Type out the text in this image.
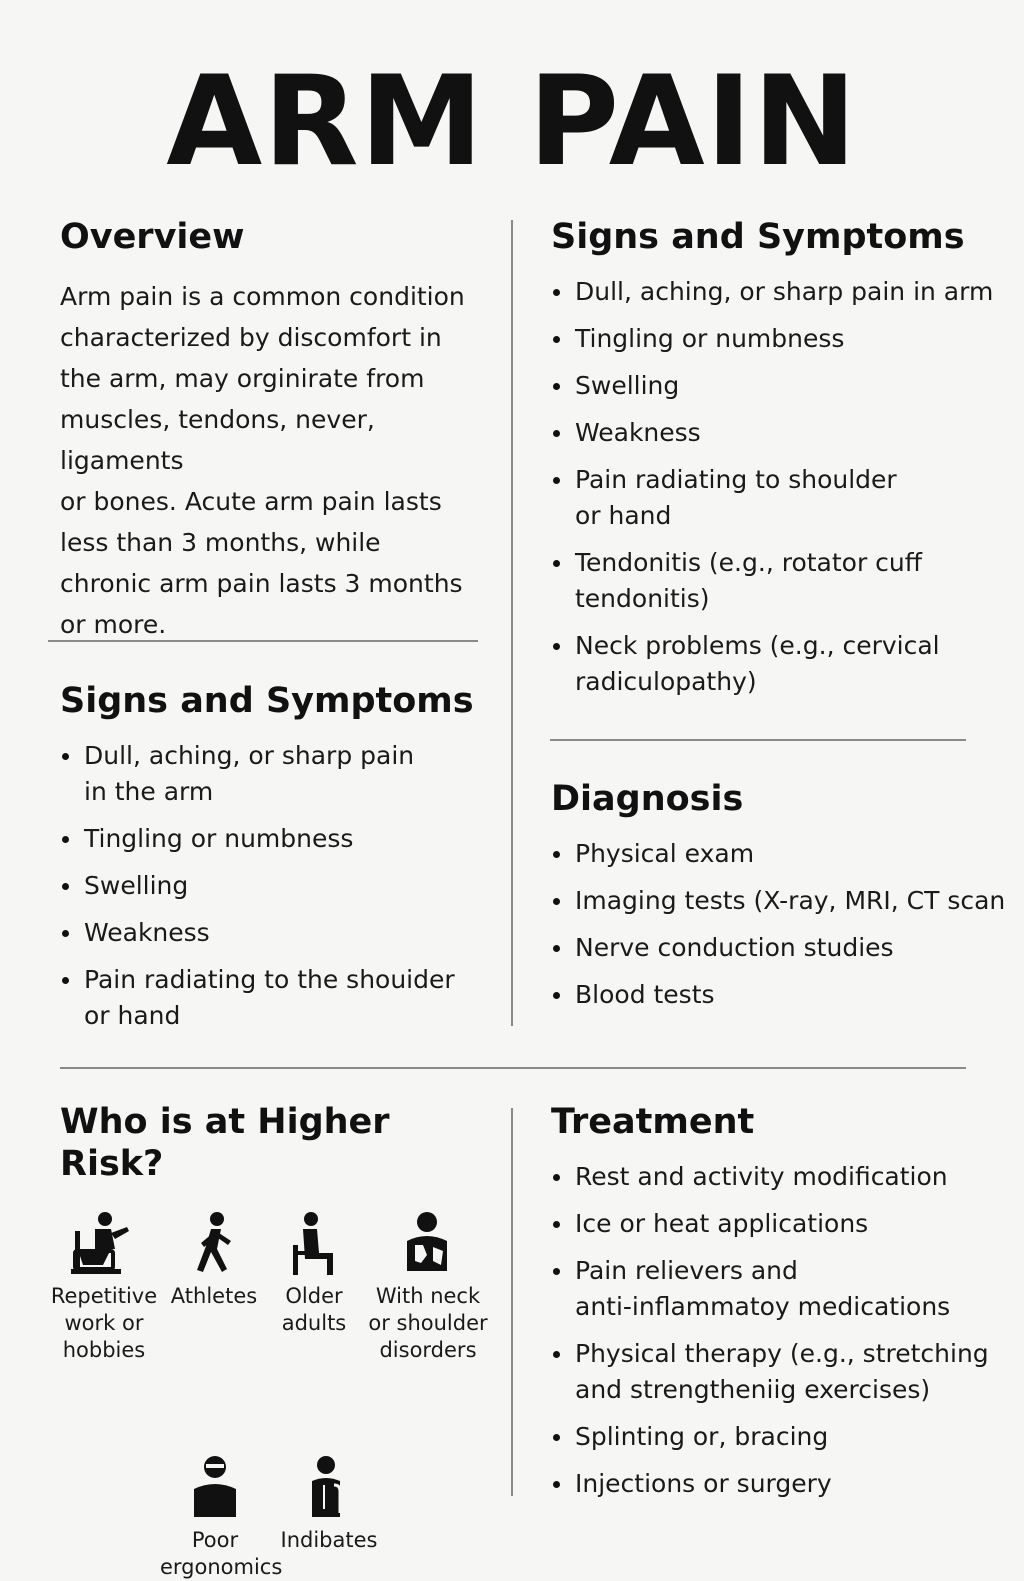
ARM PAIN
Overview

Arm pain is a common condition
characterized by discomfort in
the arm, may orginirate from
muscles, tendons, never, ligaments
or bones. Acute arm pain lasts
less than 3 months, while
chronic arm pain lasts 3 months
or more.

Signs and Symptoms
Dull, aching, or sharp pain
in the arm
Tingling or numbness
Swelling
Weakness
Pain radiating to the shouider
or hand
Signs and Symptoms
Dull, aching, or sharp pain in arm
Tingling or numbness
Swelling
Weakness
Pain radiating to shoulder
or hand
Tendonitis (e.g., rotator cuff
tendonitis)
Neck problems (e.g., cervical
radiculopathy)
Diagnosis
Physical exam
Imaging tests (X-ray, MRI, CT scan
Nerve conduction studies
Blood tests
Who is at Higher Risk?
Repetitive
work or
hobbies
Athletes	Older
adults
With neck
or shoulder
disorders
Poor
ergonomics
Indibates
Treatment
Rest and activity modification
Ice or heat applications
Pain relievers and
anti-inflammatoy medications
Physical therapy (e.g., stretching
and strengtheniig exercises)
Splinting or, bracing
Injections or surgery
